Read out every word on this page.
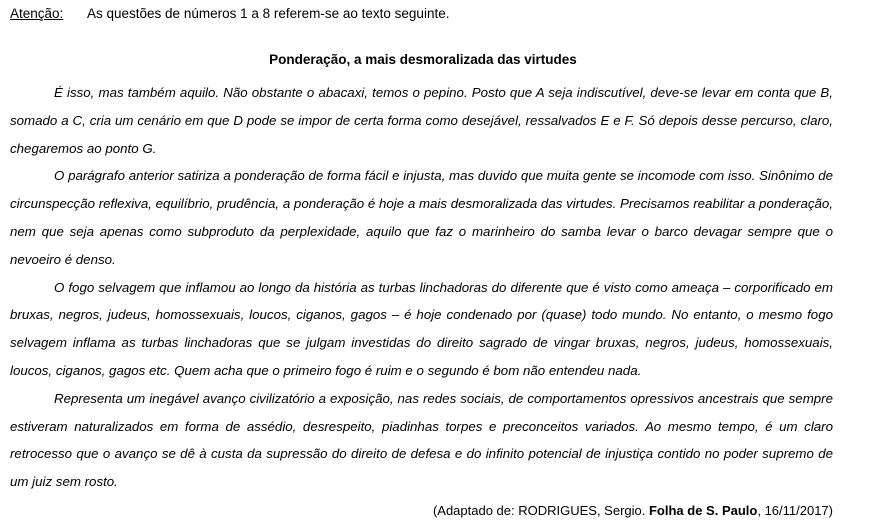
Atenção: As questões de números 1 a 8 referem-se ao texto seguinte.
Ponderação, a mais desmoralizada das virtudes

É isso, mas também aquilo. Não obstante o abacaxi, temos o pepino. Posto que A seja indiscutível, deve-se levar em conta que B, somado a C, cria um cenário em que D pode se impor de certa forma como desejável, ressalvados E e F. Só depois desse percurso, claro, chegaremos ao ponto G.

O parágrafo anterior satiriza a ponderação de forma fácil e injusta, mas duvido que muita gente se incomode com isso. Sinônimo de circunspecção reflexiva, equilíbrio, prudência, a ponderação é hoje a mais desmoralizada das virtudes. Precisamos reabilitar a ponderação, nem que seja apenas como subproduto da perplexidade, aquilo que faz o marinheiro do samba levar o barco devagar sempre que o nevoeiro é denso.

O fogo selvagem que inflamou ao longo da história as turbas linchadoras do diferente que é visto como ameaça – corporificado em bruxas, negros, judeus, homossexuais, loucos, ciganos, gagos – é hoje condenado por (quase) todo mundo. No entanto, o mesmo fogo selvagem inflama as turbas linchadoras que se julgam investidas do direito sagrado de vingar bruxas, negros, judeus, homossexuais, loucos, ciganos, gagos etc. Quem acha que o primeiro fogo é ruim e o segundo é bom não entendeu nada.

Representa um inegável avanço civilizatório a exposição, nas redes sociais, de comportamentos opressivos ancestrais que sempre estiveram naturalizados em forma de assédio, desrespeito, piadinhas torpes e preconceitos variados. Ao mesmo tempo, é um claro retrocesso que o avanço se dê à custa da supressão do direito de defesa e do infinito potencial de injustiça contido no poder supremo de um juiz sem rosto.

(Adaptado de: RODRIGUES, Sergio. Folha de S. Paulo, 16/11/2017)
